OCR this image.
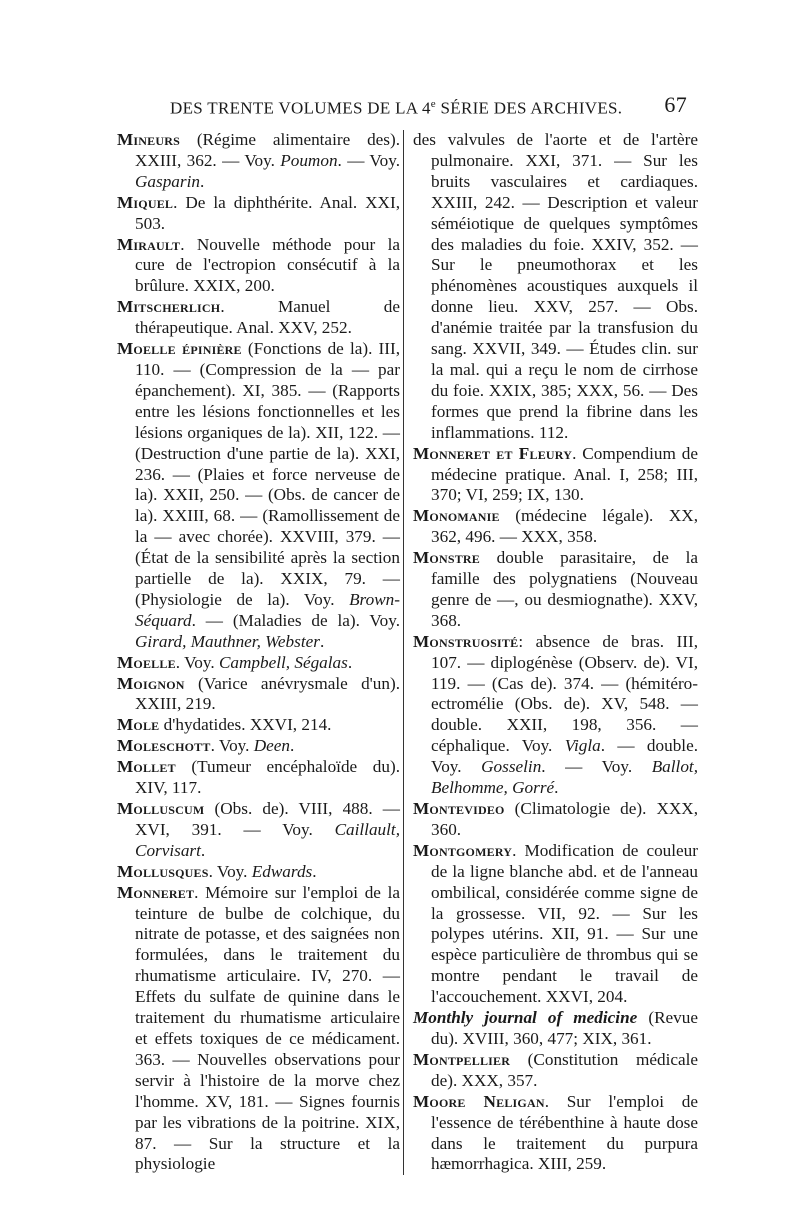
DES TRENTE VOLUMES DE LA 4e SÉRIE DES ARCHIVES. 67

Mineurs (Régime alimentaire des). XXIII, 362. — Voy. Poumon. — Voy. Gasparin.

Miquel. De la diphthérite. Anal. XXI, 503.

Mirault. Nouvelle méthode pour la cure de l'ectropion consécutif à la brûlure. XXIX, 200.

Mitscherlich. Manuel de thérapeutique. Anal. XXV, 252.

Moelle épinière (Fonctions de la). III, 110. — (Compression de la — par épanchement). XI, 385. — (Rapports entre les lésions fonctionnelles et les lésions organiques de la). XII, 122. — (Destruction d'une partie de la). XXI, 236. — (Plaies et force nerveuse de la). XXII, 250. — (Obs. de cancer de la). XXIII, 68. — (Ramollissement de la — avec chorée). XXVIII, 379. — (État de la sensibilité après la section partielle de la). XXIX, 79. — (Physiologie de la). Voy. Brown-Séquard. — (Maladies de la). Voy. Girard, Mauthner, Webster.

Moelle. Voy. Campbell, Ségalas.

Moignon (Varice anévrysmale d'un). XXIII, 219.

Mole d'hydatides. XXVI, 214.

Moleschott. Voy. Deen.

Mollet (Tumeur encéphaloïde du). XIV, 117.

Molluscum (Obs. de). VIII, 488. — XVI, 391. — Voy. Caillault, Corvisart.

Mollusques. Voy. Edwards.

Monneret. Mémoire sur l'emploi de la teinture de bulbe de colchique, du nitrate de potasse, et des saignées non formulées, dans le traitement du rhumatisme articulaire. IV, 270. — Effets du sulfate de quinine dans le traitement du rhumatisme articulaire et effets toxiques de ce médicament. 363. — Nouvelles observations pour servir à l'histoire de la morve chez l'homme. XV, 181. — Signes fournis par les vibrations de la poitrine. XIX, 87. — Sur la structure et la physiologie

des valvules de l'aorte et de l'artère pulmonaire. XXI, 371. — Sur les bruits vasculaires et cardiaques. XXIII, 242. — Description et valeur séméiotique de quelques symptômes des maladies du foie. XXIV, 352. — Sur le pneumothorax et les phénomènes acoustiques auxquels il donne lieu. XXV, 257. — Obs. d'anémie traitée par la transfusion du sang. XXVII, 349. — Études clin. sur la mal. qui a reçu le nom de cirrhose du foie. XXIX, 385; XXX, 56. — Des formes que prend la fibrine dans les inflammations. 112.

Monneret et Fleury. Compendium de médecine pratique. Anal. I, 258; III, 370; VI, 259; IX, 130.

Monomanie (médecine légale). XX, 362, 496. — XXX, 358.

Monstre double parasitaire, de la famille des polygnatiens (Nouveau genre de —, ou desmiognathe). XXV, 368.

Monstruosité: absence de bras. III, 107. — diplogénèse (Observ. de). VI, 119. — (Cas de). 374. — (hémitéro-ectromélie (Obs. de). XV, 548. — double. XXII, 198, 356. — céphalique. Voy. Vigla. — double. Voy. Gosselin. — Voy. Ballot, Belhomme, Gorré.

Montevideo (Climatologie de). XXX, 360.

Montgomery. Modification de couleur de la ligne blanche abd. et de l'anneau ombilical, considérée comme signe de la grossesse. VII, 92. — Sur les polypes utérins. XII, 91. — Sur une espèce particulière de thrombus qui se montre pendant le travail de l'accouchement. XXVI, 204.

Monthly journal of medicine (Revue du). XVIII, 360, 477; XIX, 361.

Montpellier (Constitution médicale de). XXX, 357.

Moore Neligan. Sur l'emploi de l'essence de térébenthine à haute dose dans le traitement du purpura hæmorrhagica. XIII, 259.
